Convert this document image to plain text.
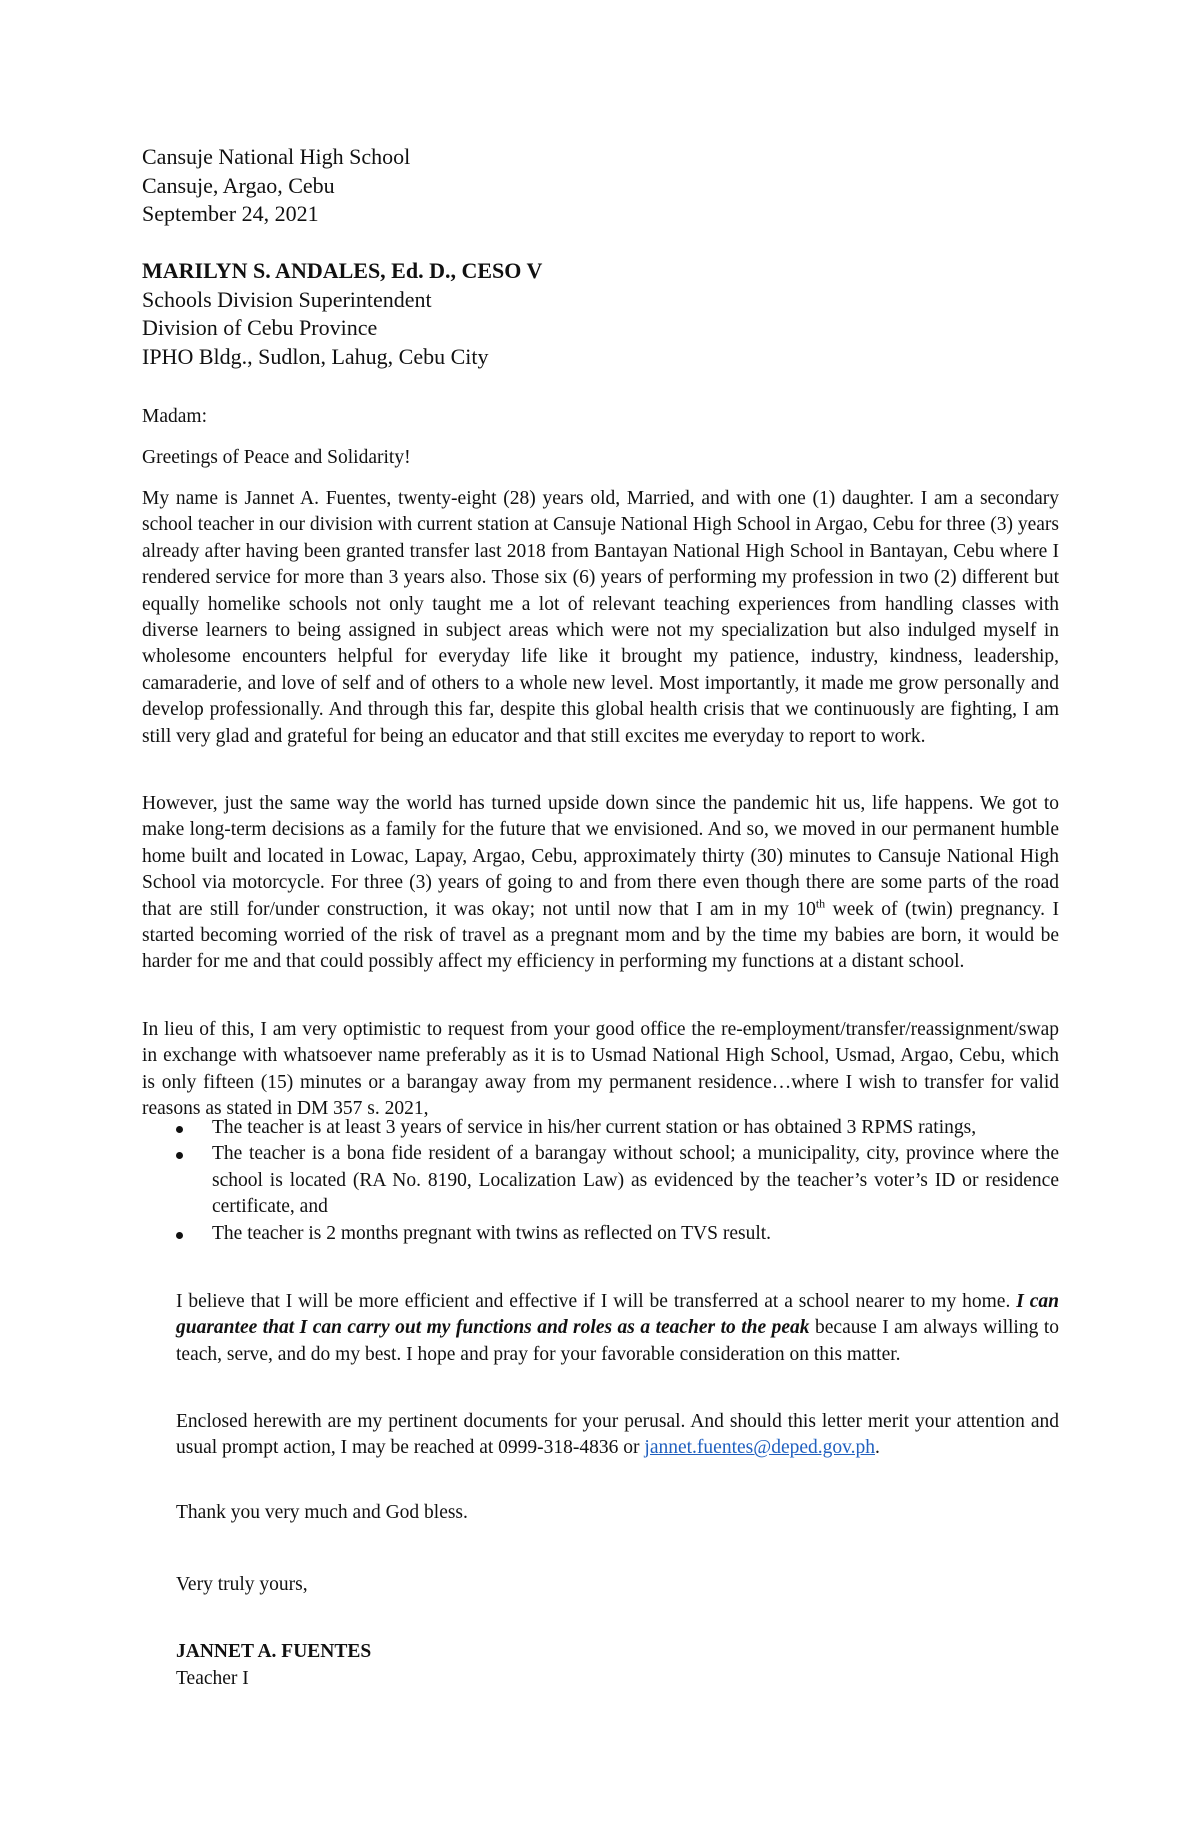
Cansuje National High School
Cansuje, Argao, Cebu
September 24, 2021
MARILYN S. ANDALES, Ed. D., CESO V
Schools Division Superintendent
Division of Cebu Province
IPHO Bldg., Sudlon, Lahug, Cebu City
Madam:
Greetings of Peace and Solidarity!
My name is Jannet A. Fuentes, twenty-eight (28) years old, Married, and with one (1) daughter. I am a secondary school teacher in our division with current station at Cansuje National High School in Argao, Cebu for three (3) years already after having been granted transfer last 2018 from Bantayan National High School in Bantayan, Cebu where I rendered service for more than 3 years also. Those six (6) years of performing my profession in two (2) different but equally homelike schools not only taught me a lot of relevant teaching experiences from handling classes with diverse learners to being assigned in subject areas which were not my specialization but also indulged myself in wholesome encounters helpful for everyday life like it brought my patience, industry, kindness, leadership, camaraderie, and love of self and of others to a whole new level. Most importantly, it made me grow personally and develop professionally. And through this far, despite this global health crisis that we continuously are fighting, I am still very glad and grateful for being an educator and that still excites me everyday to report to work.
However, just the same way the world has turned upside down since the pandemic hit us, life happens. We got to make long-term decisions as a family for the future that we envisioned. And so, we moved in our permanent humble home built and located in Lowac, Lapay, Argao, Cebu, approximately thirty (30) minutes to Cansuje National High School via motorcycle. For three (3) years of going to and from there even though there are some parts of the road that are still for/under construction, it was okay; not until now that I am in my 10th week of (twin) pregnancy. I started becoming worried of the risk of travel as a pregnant mom and by the time my babies are born, it would be harder for me and that could possibly affect my efficiency in performing my functions at a distant school.
In lieu of this, I am very optimistic to request from your good office the re-employment/transfer/reassignment/swap in exchange with whatsoever name preferably as it is to Usmad National High School, Usmad, Argao, Cebu, which is only fifteen (15) minutes or a barangay away from my permanent residence…where I wish to transfer for valid reasons as stated in DM 357 s. 2021,
The teacher is at least 3 years of service in his/her current station or has obtained 3 RPMS ratings,
The teacher is a bona fide resident of a barangay without school; a municipality, city, province where the school is located (RA No. 8190, Localization Law) as evidenced by the teacher’s voter’s ID or residence certificate, and
The teacher is 2 months pregnant with twins as reflected on TVS result.
I believe that I will be more efficient and effective if I will be transferred at a school nearer to my home. I can guarantee that I can carry out my functions and roles as a teacher to the peak because I am always willing to teach, serve, and do my best. I hope and pray for your favorable consideration on this matter.
Enclosed herewith are my pertinent documents for your perusal. And should this letter merit your attention and usual prompt action, I may be reached at 0999-318-4836 or jannet.fuentes@deped.gov.ph.
Thank you very much and God bless.
Very truly yours,
JANNET A. FUENTES
Teacher I
